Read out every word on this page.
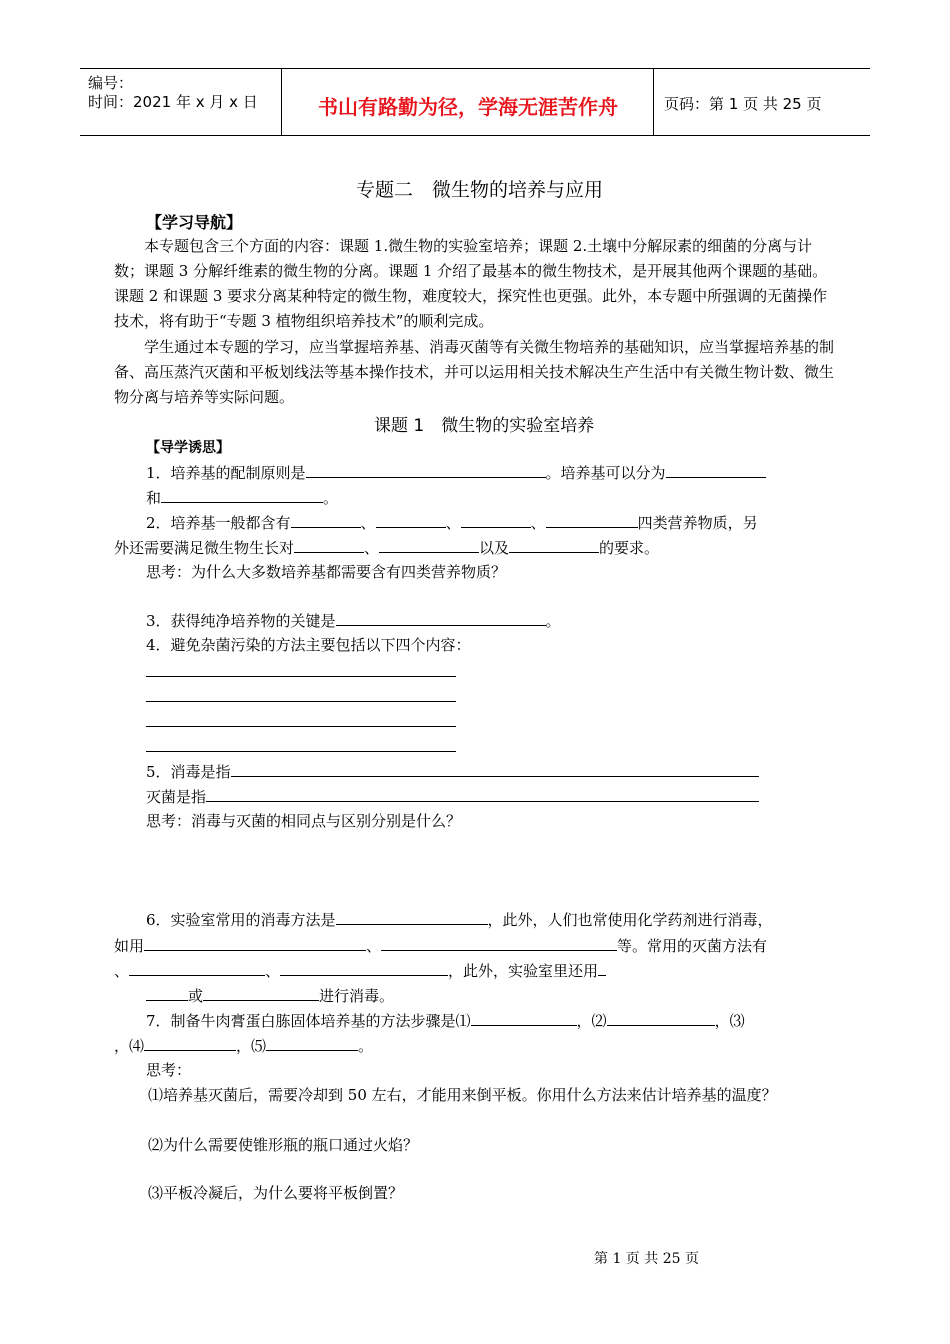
编号：
时间：2021 年 x 月 x 日	书山有路勤为径，学海无涯苦作舟	页码：第 1 页 共 25 页
专题二　微生物的培养与应用
【学习导航】
本专题包含三个方面的内容：课题 1.微生物的实验室培养；课题 2.土壤中分解尿素的细菌的分离与计数；课题 3 分解纤维素的微生物的分离。课题 1 介绍了最基本的微生物技术，是开展其他两个课题的基础。课题 2 和课题 3 要求分离某种特定的微生物，难度较大，探究性也更强。此外，本专题中所强调的无菌操作技术，将有助于“专题 3 植物组织培养技术”的顺利完成。
学生通过本专题的学习，应当掌握培养基、消毒灭菌等有关微生物培养的基础知识，应当掌握培养基的制备、高压蒸汽灭菌和平板划线法等基本操作技术，并可以运用相关技术解决生产生活中有关微生物计数、微生物分离与培养等实际问题。
课题 1　微生物的实验室培养
【导学诱思】
1．培养基的配制原则是	。培养基可以分为
和	。
2．培养基一般都含有	、	、	、	四类营养物质，另
外还需要满足微生物生长对	、	以及	的要求。
思考：为什么大多数培养基都需要含有四类营养物质？
3．获得纯净培养物的关键是	。
4．避免杂菌污染的方法主要包括以下四个内容：
5．消毒是指
灭菌是指
思考：消毒与灭菌的相同点与区别分别是什么？
6．实验室常用的消毒方法是	，此外，人们也常使用化学药剂进行消毒，
如用	、	等。常用的灭菌方法有
、	、	，此外，实验室里还用
或	进行消毒。
7．制备牛肉膏蛋白胨固体培养基的方法步骤是⑴	，⑵	，⑶
，⑷	，⑸	。
思考：
⑴培养基灭菌后，需要冷却到 50 左右，才能用来倒平板。你用什么方法来估计培养基的温度？
⑵为什么需要使锥形瓶的瓶口通过火焰？
⑶平板冷凝后，为什么要将平板倒置？
第 1 页 共 25 页
